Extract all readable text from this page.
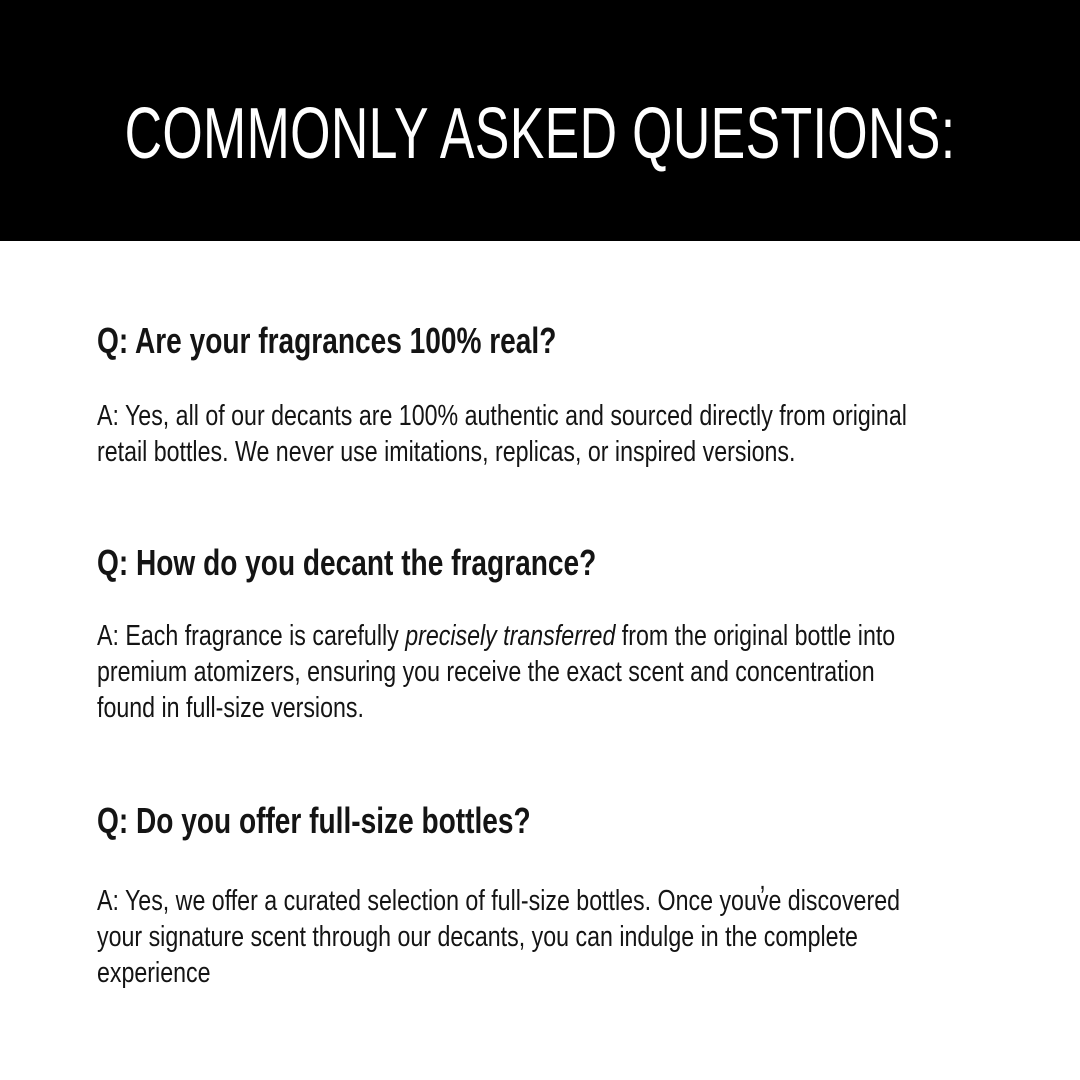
COMMONLY ASKED QUESTIONS:
Q: Are your fragrances 100% real?
A: Yes, all of our decants are 100% authentic and sourced directly from original
retail bottles. We never use imitations, replicas, or inspired versions.
Q: How do you decant the fragrance?
A: Each fragrance is carefully precisely transferred from the original bottle into
premium atomizers, ensuring you receive the exact scent and concentration
found in full-size versions.
Q: Do you offer full-size bottles?
A: Yes, we offer a curated selection of full-size bottles. Once youv̓e discovered
your signature scent through our decants, you can indulge in the complete
experience
